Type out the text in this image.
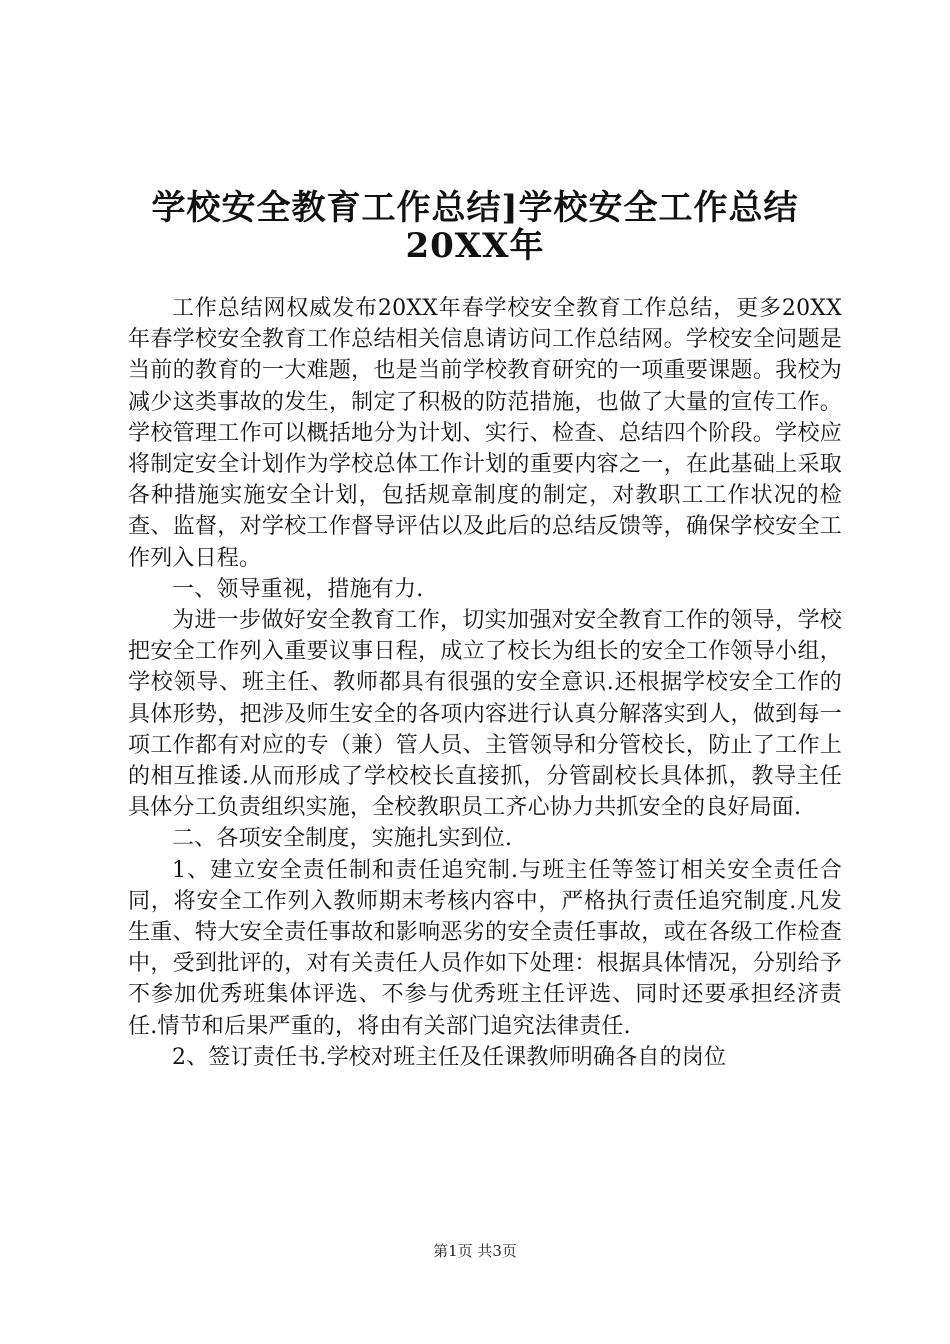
学校安全教育工作总结]学校安全工作总结
20XX年

工作总结网权威发布20XX年春学校安全教育工作总结，更多20XX年春学校安全教育工作总结相关信息请访问工作总结网。学校安全问题是当前的教育的一大难题，也是当前学校教育研究的一项重要课题。我校为减少这类事故的发生，制定了积极的防范措施，也做了大量的宣传工作。学校管理工作可以概括地分为计划、实行、检查、总结四个阶段。学校应将制定安全计划作为学校总体工作计划的重要内容之一，在此基础上采取各种措施实施安全计划，包括规章制度的制定，对教职工工作状况的检查、监督，对学校工作督导评估以及此后的总结反馈等，确保学校安全工作列入日程。

一、领导重视，措施有力.

为进一步做好安全教育工作，切实加强对安全教育工作的领导，学校把安全工作列入重要议事日程，成立了校长为组长的安全工作领导小组，学校领导、班主任、教师都具有很强的安全意识.还根据学校安全工作的具体形势，把涉及师生安全的各项内容进行认真分解落实到人，做到每一项工作都有对应的专（兼）管人员、主管领导和分管校长，防止了工作上的相互推诿.从而形成了学校校长直接抓，分管副校长具体抓，教导主任具体分工负责组织实施，全校教职员工齐心协力共抓安全的良好局面.

二、各项安全制度，实施扎实到位.

1、建立安全责任制和责任追究制.与班主任等签订相关安全责任合同，将安全工作列入教师期末考核内容中，严格执行责任追究制度.凡发生重、特大安全责任事故和影响恶劣的安全责任事故，或在各级工作检查中，受到批评的，对有关责任人员作如下处理：根据具体情况，分别给予不参加优秀班集体评选、不参与优秀班主任评选、同时还要承担经济责任.情节和后果严重的，将由有关部门追究法律责任.

2、签订责任书.学校对班主任及任课教师明确各自的岗位

第1页 共3页
